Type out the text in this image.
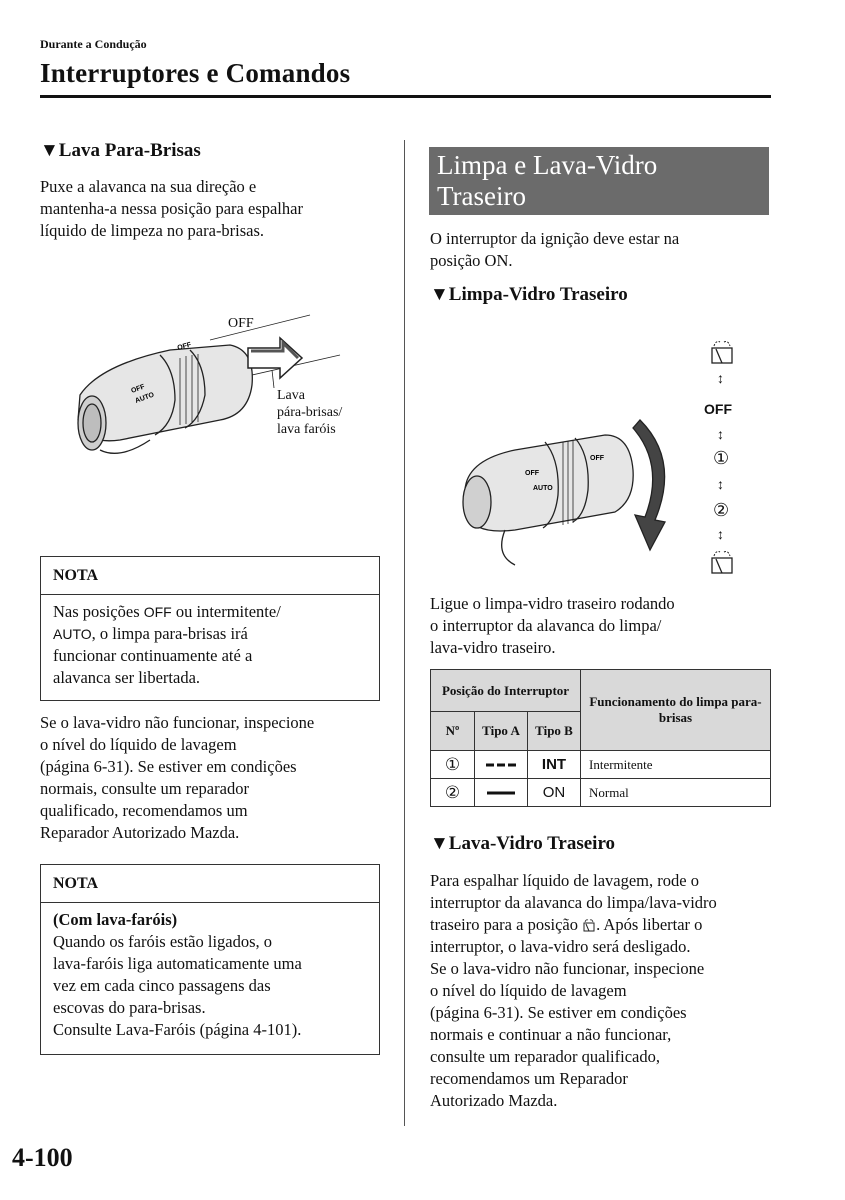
Durante a Condução
Interruptores e Comandos
▼Lava Para-Brisas
Puxe a alavanca na sua direção e
mantenha-a nessa posição para espalhar
líquido de limpeza no para-brisas.
OFF
AUTO
OFF
OFF
Lava
pára-brisas/
lava faróis
NOTA
Nas posições OFF ou intermitente/
AUTO, o limpa para-brisas irá
funcionar continuamente até a
alavanca ser libertada.
Se o lava-vidro não funcionar, inspecione
o nível do líquido de lavagem
(página 6-31). Se estiver em condições
normais, consulte um reparador
qualificado, recomendamos um
Reparador Autorizado Mazda.
NOTA
(Com lava-faróis)
Quando os faróis estão ligados, o
lava-faróis liga automaticamente uma
vez em cada cinco passagens das
escovas do para-brisas.
Consulte Lava-Faróis (página 4-101).
Limpa e Lava-Vidro
Traseiro
O interruptor da ignição deve estar na
posição ON.
▼Limpa-Vidro Traseiro
OFF
AUTO
OFF
↕
OFF
↕
①
↕
②
↕
Ligue o limpa-vidro traseiro rodando
o interruptor da alavanca do limpa/
lava-vidro traseiro.
Posição do Interruptor			Funcionamento do limpa para-brisas
Nº	Tipo A	Tipo B	
①		INT	Intermitente
②		ON	Normal
▼Lava-Vidro Traseiro
Para espalhar líquido de lavagem, rode o
interruptor da alavanca do limpa/lava-vidro
traseiro para a posição . Após libertar o
interruptor, o lava-vidro será desligado.
Se o lava-vidro não funcionar, inspecione
o nível do líquido de lavagem
(página 6-31). Se estiver em condições
normais e continuar a não funcionar,
consulte um reparador qualificado,
recomendamos um Reparador
Autorizado Mazda.
4-100
